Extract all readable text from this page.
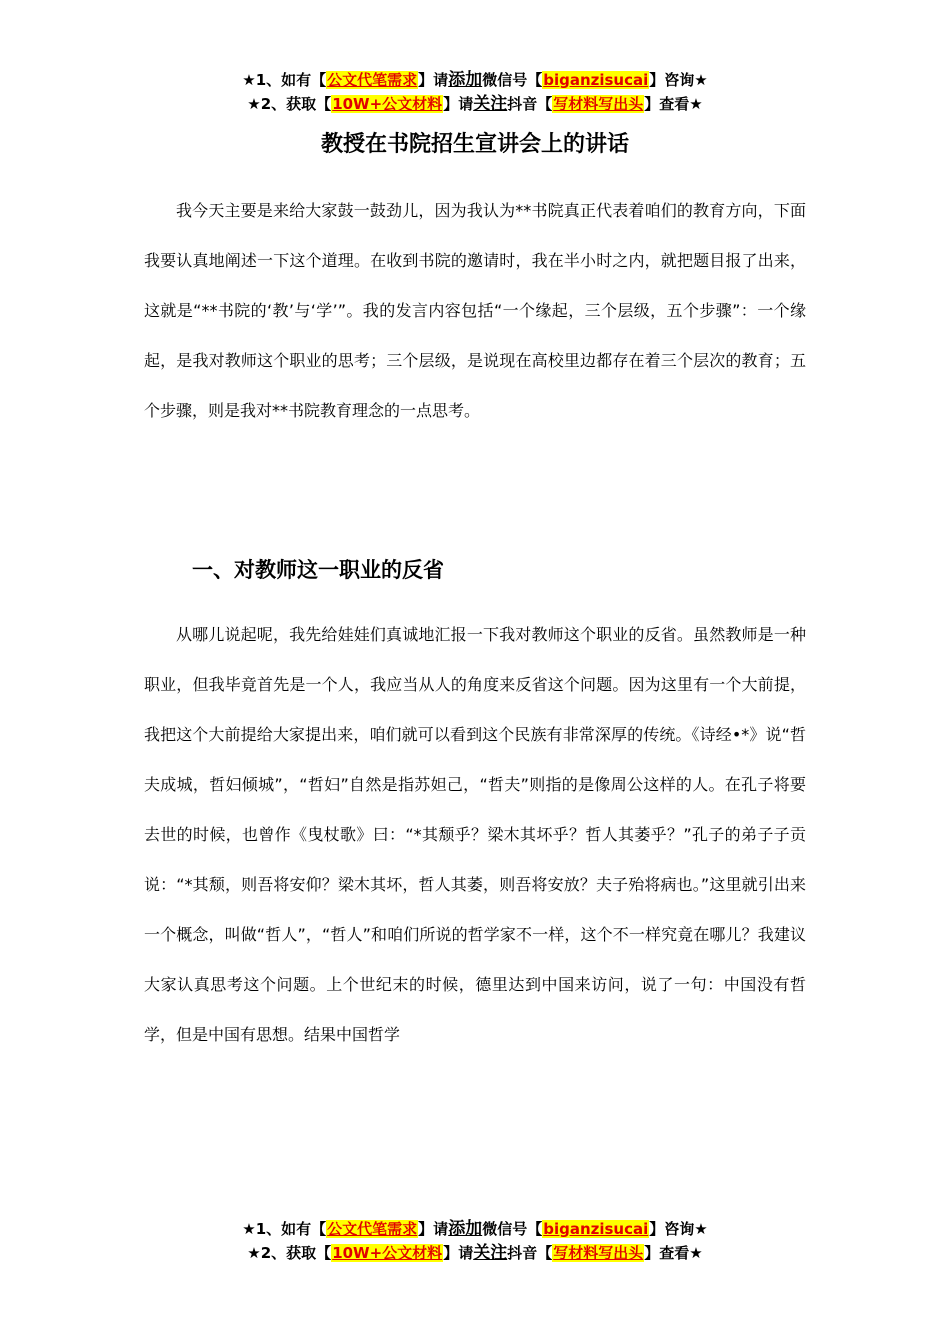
★1、如有【公文代笔需求】请添加微信号【biganzisucai】咨询★
★2、获取【10W+公文材料】请关注抖音【写材料写出头】查看★
教授在书院招生宣讲会上的讲话

我今天主要是来给大家鼓一鼓劲儿，因为我认为**书院真正代表着咱们的教育方向，下面我要认真地阐述一下这个道理。在收到书院的邀请时，我在半小时之内，就把题目报了出来，这就是“**书院的‘教’与‘学’”。我的发言内容包括“一个缘起，三个层级，五个步骤”：一个缘起，是我对教师这个职业的思考；三个层级，是说现在高校里边都存在着三个层次的教育；五个步骤，则是我对**书院教育理念的一点思考。

一、对教师这一职业的反省

从哪儿说起呢，我先给娃娃们真诚地汇报一下我对教师这个职业的反省。虽然教师是一种职业，但我毕竟首先是一个人，我应当从人的角度来反省这个问题。因为这里有一个大前提，我把这个大前提给大家提出来，咱们就可以看到这个民族有非常深厚的传统。《诗经•*》说“哲夫成城，哲妇倾城”，“哲妇”自然是指苏妲己，“哲夫”则指的是像周公这样的人。在孔子将要去世的时候，也曾作《曳杖歌》曰：“*其颓乎？梁木其坏乎？哲人其萎乎？”孔子的弟子子贡说：“*其颓，则吾将安仰？梁木其坏，哲人其萎，则吾将安放？夫子殆将病也。”这里就引出来一个概念，叫做“哲人”，“哲人”和咱们所说的哲学家不一样，这个不一样究竟在哪儿？我建议大家认真思考这个问题。上个世纪末的时候，德里达到中国来访问，说了一句：中国没有哲学，但是中国有思想。结果中国哲学

★1、如有【公文代笔需求】请添加微信号【biganzisucai】咨询★
★2、获取【10W+公文材料】请关注抖音【写材料写出头】查看★
